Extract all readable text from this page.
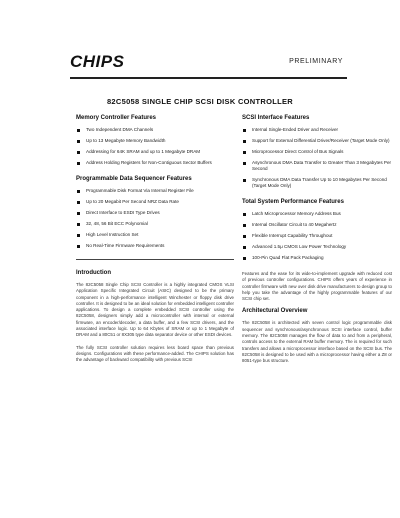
CHIPS	PRELIMINARY
82C5058 SINGLE CHIP SCSI DISK CONTROLLER
Memory Controller Features
Two Independent DMA Channels
Up to 13 Megabyte Memory Bandwidth
Addressing for 64K SRAM and up to 1 Megabyte DRAM
Address Holding Registers for Non-Contiguous Sector Buffers
Programmable Data Sequencer Features
Programmable Disk Format Via Internal Register File
Up to 20 Megabit Per Second NRZ Data Rate
Direct Interface to ESDI Type Drives
32, 48, 56 Bit ECC Polynomial
High Level Instruction Set
No Real-Time Firmware Requirements
Introduction

The 82C5058 Single Chip SCSI Controller is a highly integrated CMOS VLSI Application Specific Integrated Circuit (ASIC) designed to be the primary component in a high-performance intelligent Winchester or floppy disk drive controller. It is designed to be an ideal solution for embedded intelligent controller applications. To design a complete embedded SCSI controller using the 82C5058, designers simply add a microcontroller with internal or external firmware, an encoder/decoder, a data buffer, and a few SCSI drivers, and the associated interface logic. Up to 64 Kbytes of SRAM or up to 1 Megabyte of DRAM and a 80C51 or 8X305 type data separator device or other ESDI devices.

The fully SCSI controller solution requires less board space than previous designs. Configurations with these performance-added. The CHIPS solution has the advantage of backward compatibility with previous SCSI

SCSI Interface Features
Internal Single-Ended Driver and Receiver
Support for External Differential Driver/Receiver (Target Mode Only)
Microprocessor Direct Control of Bus Signals
Asynchronous DMA Data Transfer to Greater Than 3 Megabytes Per Second
Synchronous DMA Data Transfer Up to 10 Megabytes Per Second (Target Mode Only)
Total System Performance Features
Latch Microprocessor Memory Address Bus
Internal Oscillator Circuit to 40 Megahertz
Flexible Interrupt Capability Throughout
Advanced 1.5μ CMOS Low Power Technology
100-Pin Quad Flat Pack Packaging

Features and the ease for its wide-to-implement upgrade with reduced cost of previous controller configurations. CHIPS offers years of experience in controller firmware with new over disk drive manufacturers to design group to help you take the advantage of the highly programmable features of our SCSI chip set.

Architectural Overview

The 82C5058 is architected with seven control logic programmable disk sequencer and synchronous/asynchronous SCSI interface control, buffer memory. The 82C5058 manages the flow of data to and from a peripheral, controls access to the external RAM buffer memory. The is required for such transfers and allows a microprocessor interface based on the SCSI bus. The 82C5058 is designed to be used with a microprocessor having either a Z8 or 8051-type bus structure.
